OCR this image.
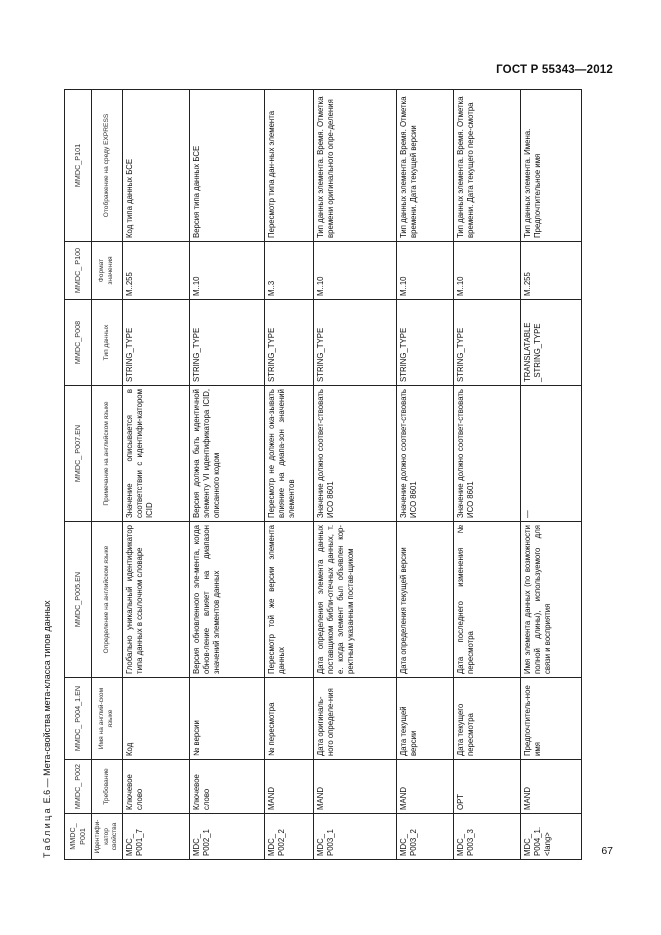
ГОСТ Р 55343—2012
Таблица Е.6 — Мета-свойства мета-класса типов данных
MMDC_ P001	MMDC_ P002	MMDC_ P004_1.EN	MMDC_P005.EN	MMDC_ P007.EN	MMDC_P008	MMDC_ P100	MMDC_P101
Идентифи-катор свойства	Требование	Имя на англий-ском языке	Определение на английском языке	Примечание на английском языке	Тип данных	Формат значения	Отображение на среду EXPRESS
MDC_ P001_7	Ключевое слово	Код	Глобально уникальный идентификатор типа данных в ссылочном словаре	Значение описывается в соответствии с идентифи-катором ICID	STRING_TYPE	M..255	Код типа данных БСЕ
MDC_ P002_1	Ключевое слово	№ версии	Версия обновленного эле-мента, когда обнов-ление влияет на диапазон значений элементов данных	Версия должна быть идентичной элементу VI идентификатора ICID, описанного кодом	STRING_TYPE	M..10	Версия типа данных БСЕ
MDC_ P002_2	MAND	№ пересмотра	Пересмотр той же версии элемента данных	Пересмотр не должен ока-зывать влияние на диапа-зон значений элементов	STRING_TYPE	M..3	Пересмотр типа дан-ных элемента
MDC_ P003_1	MAND	Дата оригиналь-ного определе-ния	Дата определения элемента данных поставщиком библи-отечных данных, т. е. когда элемент был объявлен кор-ректным указанным постав-щиком	Значение должно соответ-ствовать ИСО 8601	STRING_TYPE	M..10	Тип данных элемента. Время. Отметка времени оригинального опре-деления
MDC_ P003_2	MAND	Дата текущей версии	Дата определения текущей версии	Значение должно соответ-ствовать ИСО 8601	STRING_TYPE	M..10	Тип данных элемента. Время. Отметка времени. Дата текущей версии
MDC_ P003_3	OPT	Дата текущего пересмотра	Дата последнего изменения № пересмотра	Значение должно соответ-ствовать ИСО 8601	STRING_TYPE	M..10	Тип данных элемента. Время. Отметка времени. Дата текущего пере-смотра
MDC_ P004_1. <lang>	MAND	Предпочтитель-ное имя	Имя элемента данных (по возможности полной длины), используемого для связи и восприятия	—	TRANSLATABLE _STRING_TYPE	M..255	Тип данных элемента. Имена. Предпочтительное имя
67
